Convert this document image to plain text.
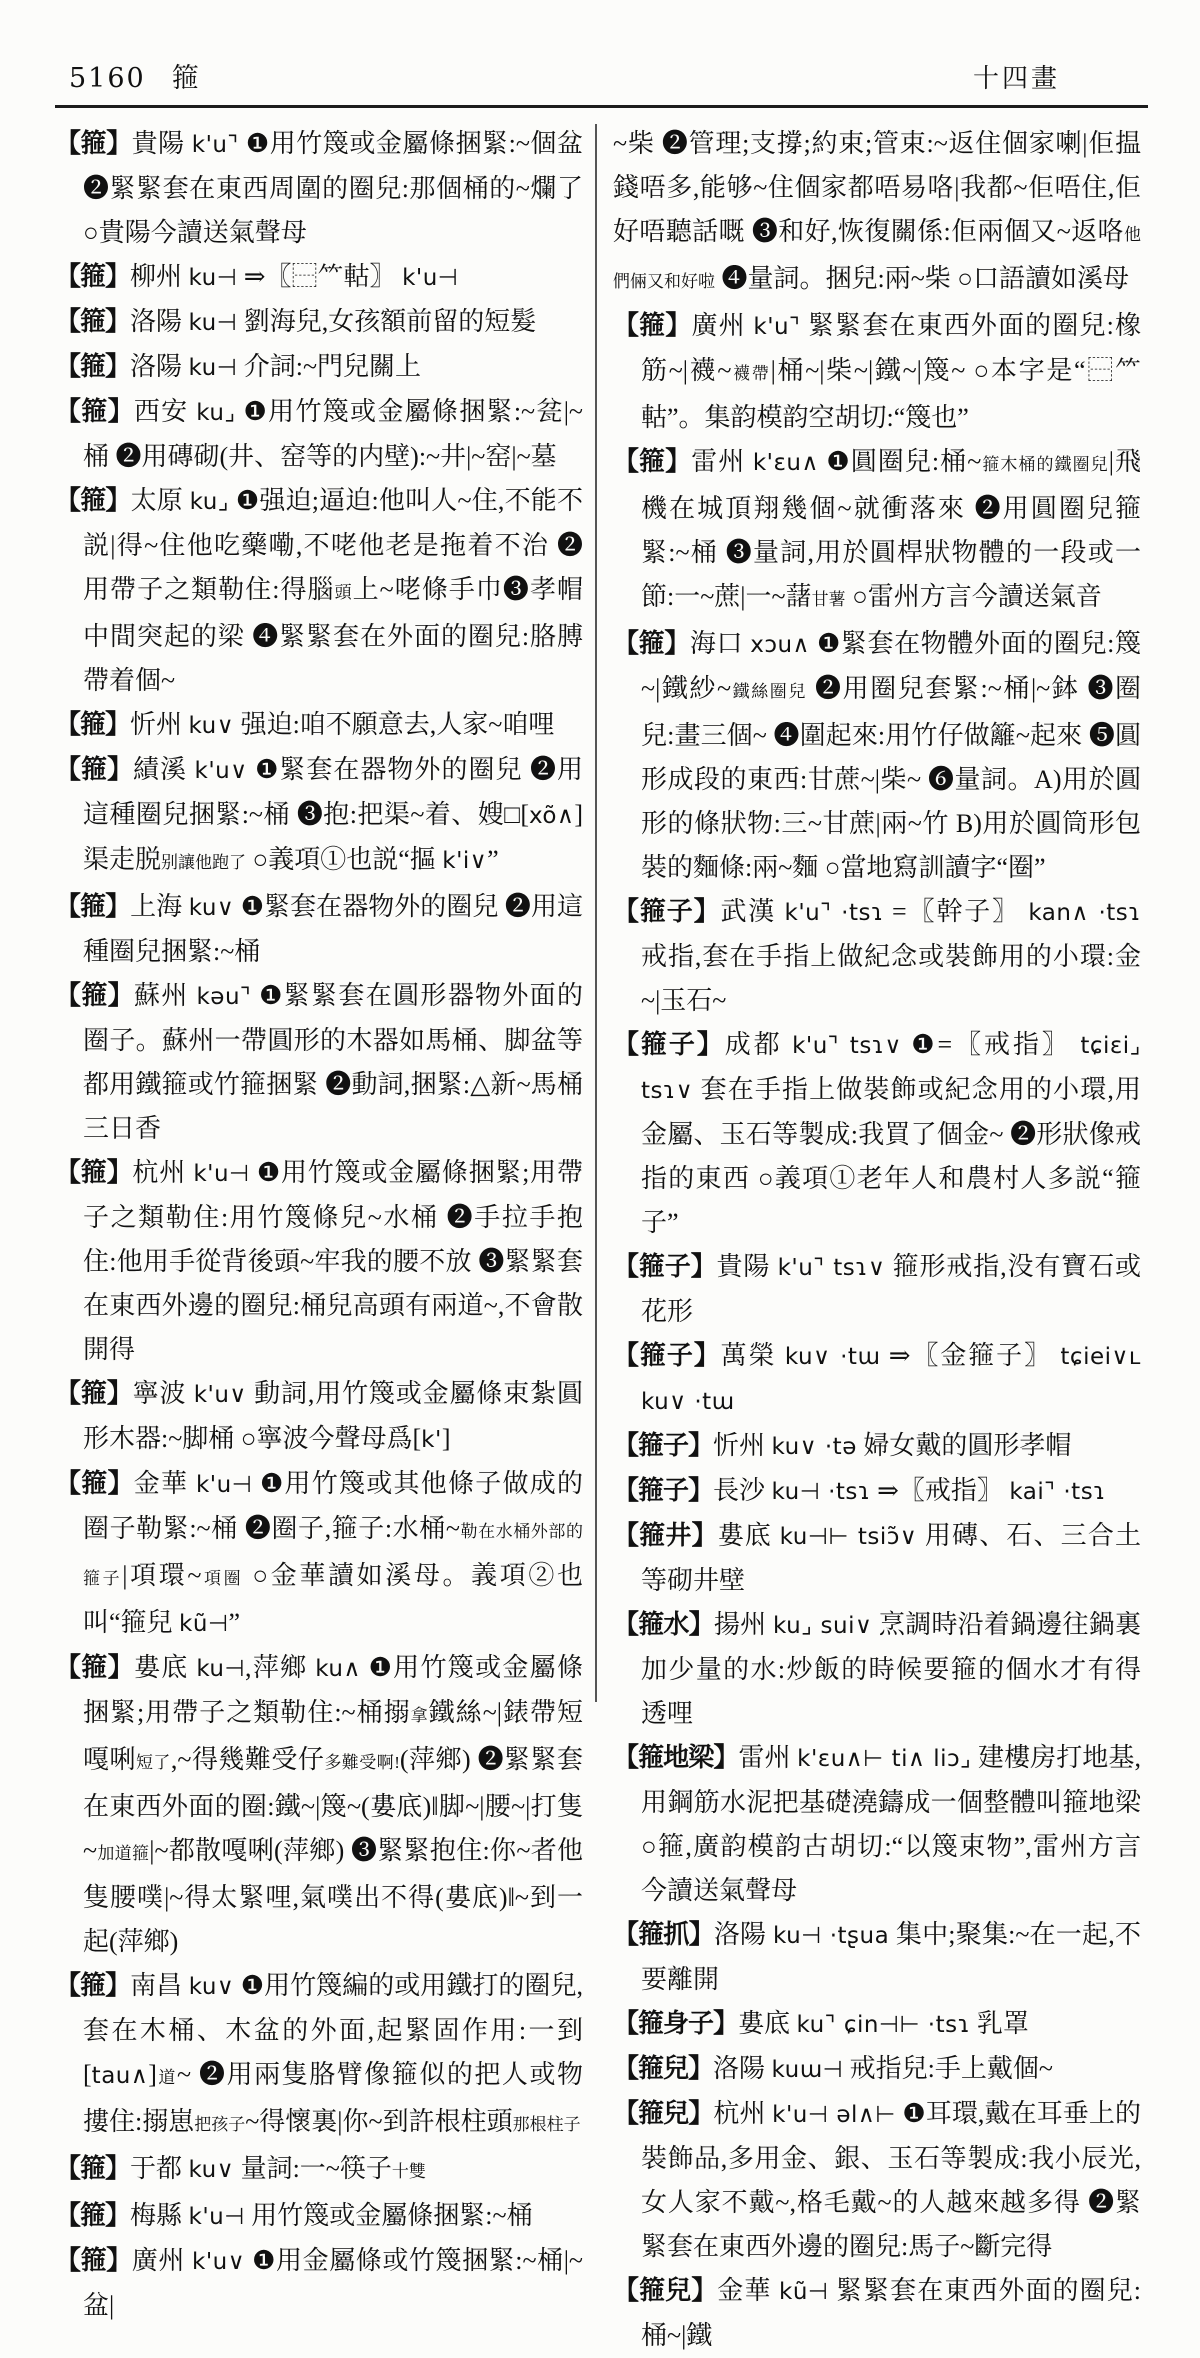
5160 箍	十四畫

【箍】貴陽 k'u⌝ ❶用竹篾或金屬條捆緊:~個盆 ❷緊緊套在東西周圍的圈兒:那個桶的~爛了 ○貴陽今讀送氣聲母

【箍】柳州 ku⊣ ⇒〖⿱⺮軲〗 k'u⊣

【箍】洛陽 ku⊣ 劉海兒,女孩額前留的短髮

【箍】洛陽 ku⊣ 介詞:~門兒關上

【箍】西安 ku⌟ ❶用竹篾或金屬條捆緊:~瓫|~桶 ❷用磚砌(井、窑等的内壁):~井|~窑|~墓

【箍】太原 ku⌟ ❶强迫;逼迫:他叫人~住,不能不説|得~住他吃藥嘞,不咾他老是拖着不治 ❷用帶子之類勒住:得腦頭上~咾條手巾❸孝帽中間突起的梁 ❹緊緊套在外面的圈兒:胳膊帶着個~

【箍】忻州 ku∨ 强迫:咱不願意去,人家~咱哩

【箍】績溪 k'u∨ ❶緊套在器物外的圈兒 ❷用這種圈兒捆緊:~桶 ❸抱:把渠~着、嫂□[xõ∧]渠走脱别讓他跑了 ○義項①也説“摳 k'i∨”

【箍】上海 ku∨ ❶緊套在器物外的圈兒 ❷用這種圈兒捆緊:~桶

【箍】蘇州 kəu⌝ ❶緊緊套在圓形器物外面的圈子。蘇州一帶圓形的木器如馬桶、脚盆等都用鐵箍或竹箍捆緊 ❷動詞,捆緊:△新~馬桶三日香

【箍】杭州 k'u⊣ ❶用竹篾或金屬條捆緊;用帶子之類勒住:用竹篾條兒~水桶 ❷手拉手抱住:他用手從背後頭~牢我的腰不放 ❸緊緊套在東西外邊的圈兒:桶兒高頭有兩道~,不會散開得

【箍】寧波 k'u∨ 動詞,用竹篾或金屬條束紮圓形木器:~脚桶 ○寧波今聲母爲[k']

【箍】金華 k'u⊣ ❶用竹篾或其他條子做成的圈子勒緊:~桶 ❷圈子,箍子:水桶~勒在水桶外部的箍子|項環~項圈 ○金華讀如溪母。義項②也叫“箍兒 kũ⊣”

【箍】婁底 ku⊣,萍鄉 ku∧ ❶用竹篾或金屬條捆緊;用帶子之類勒住:~桶搦拿鐵絲~|錶帶短嘎唎短了,~得幾難受仔多難受啊!(萍鄉) ❷緊緊套在東西外面的圈:鐵~|篾~(婁底)‖脚~|腰~|打隻~加道箍|~都散嘎唎(萍鄉) ❸緊緊抱住:你~者他隻腰噗|~得太緊哩,氣噗出不得(婁底)‖~到一起(萍鄉)

【箍】南昌 ku∨ ❶用竹篾編的或用鐵打的圈兒,套在木桶、木盆的外面,起緊固作用:一到[tau∧]道~ ❷用兩隻胳臂像箍似的把人或物摟住:搦崽把孩子~得懷裏|你~到許根柱頭那根柱子

【箍】于都 ku∨ 量詞:一~筷子十雙

【箍】梅縣 k'u⊣ 用竹篾或金屬條捆緊:~桶

【箍】廣州 k'u∨ ❶用金屬條或竹篾捆緊:~桶|~盆|

~柴 ❷管理;支撐;約束;管束:~返住個家喇|佢揾錢唔多,能够~住個家都唔易咯|我都~佢唔住,佢好唔聽話嘅 ❸和好,恢復關係:佢兩個又~返咯他們倆又和好啦 ❹量詞。捆兒:兩~柴 ○口語讀如溪母

【箍】廣州 k'u⌝ 緊緊套在東西外面的圈兒:橡筋~|襪~襪帶|桶~|柴~|鐵~|篾~ ○本字是“⿱⺮軲”。集韵模韵空胡切:“篾也”

【箍】雷州 k'ɛu∧ ❶圓圈兒:桶~箍木桶的鐵圈兒|飛機在城頂翔幾個~就衝落來 ❷用圓圈兒箍緊:~桶 ❸量詞,用於圓桿狀物體的一段或一節:一~蔗|一~藷甘薯 ○雷州方言今讀送氣音

【箍】海口 xɔu∧ ❶緊套在物體外面的圈兒:篾~|鐵紗~鐵絲圈兒 ❷用圈兒套緊:~桶|~鉢 ❸圈兒:畫三個~ ❹圍起來:用竹仔做籬~起來 ❺圓形成段的東西:甘蔗~|柴~ ❻量詞。A)用於圓形的條狀物:三~甘蔗|兩~竹 B)用於圓筒形包裝的麵條:兩~麵 ○當地寫訓讀字“圈”

【箍子】武漢 k'u⌝ ·tsɿ =〖幹子〗 kan∧ ·tsɿ 戒指,套在手指上做紀念或裝飾用的小環:金~|玉石~

【箍子】成都 k'u⌝ tsɿ∨ ❶=〖戒指〗 tɕiɛi⌟ tsɿ∨ 套在手指上做裝飾或紀念用的小環,用金屬、玉石等製成:我買了個金~ ❷形狀像戒指的東西 ○義項①老年人和農村人多説“箍子”

【箍子】貴陽 k'u⌝ tsɿ∨ 箍形戒指,没有寶石或花形

【箍子】萬榮 ku∨ ·tɯ ⇒〖金箍子〗 tɕiei∨ʟ ku∨ ·tɯ

【箍子】忻州 ku∨ ·tə 婦女戴的圓形孝帽

【箍子】長沙 ku⊣ ·tsɿ ⇒〖戒指〗 kai⌝ ·tsɿ

【箍井】婁底 ku⊣⊢ tsiɔ̃∨ 用磚、石、三合土等砌井壁

【箍水】揚州 ku⌟ sui∨ 烹調時沿着鍋邊往鍋裏加少量的水:炒飯的時候要箍的個水才有得透哩

【箍地梁】雷州 k'ɛu∧⊢ ti∧ liɔ⌟ 建樓房打地基,用鋼筋水泥把基礎澆鑄成一個整體叫箍地梁 ○箍,廣韵模韵古胡切:“以篾束物”,雷州方言今讀送氣聲母

【箍抓】洛陽 ku⊣ ·tʂua 集中;聚集:~在一起,不要離開

【箍身子】婁底 ku⌝ ɕin⊣⊢ ·tsɿ 乳罩

【箍兒】洛陽 kuɯ⊣ 戒指兒:手上戴個~

【箍兒】杭州 k'u⊣ əl∧⊢ ❶耳環,戴在耳垂上的裝飾品,多用金、銀、玉石等製成:我小辰光,女人家不戴~,格毛戴~的人越來越多得 ❷緊緊套在東西外邊的圈兒:馬子~斷完得

【箍兒】金華 kũ⊣ 緊緊套在東西外面的圈兒:桶~|鐵
